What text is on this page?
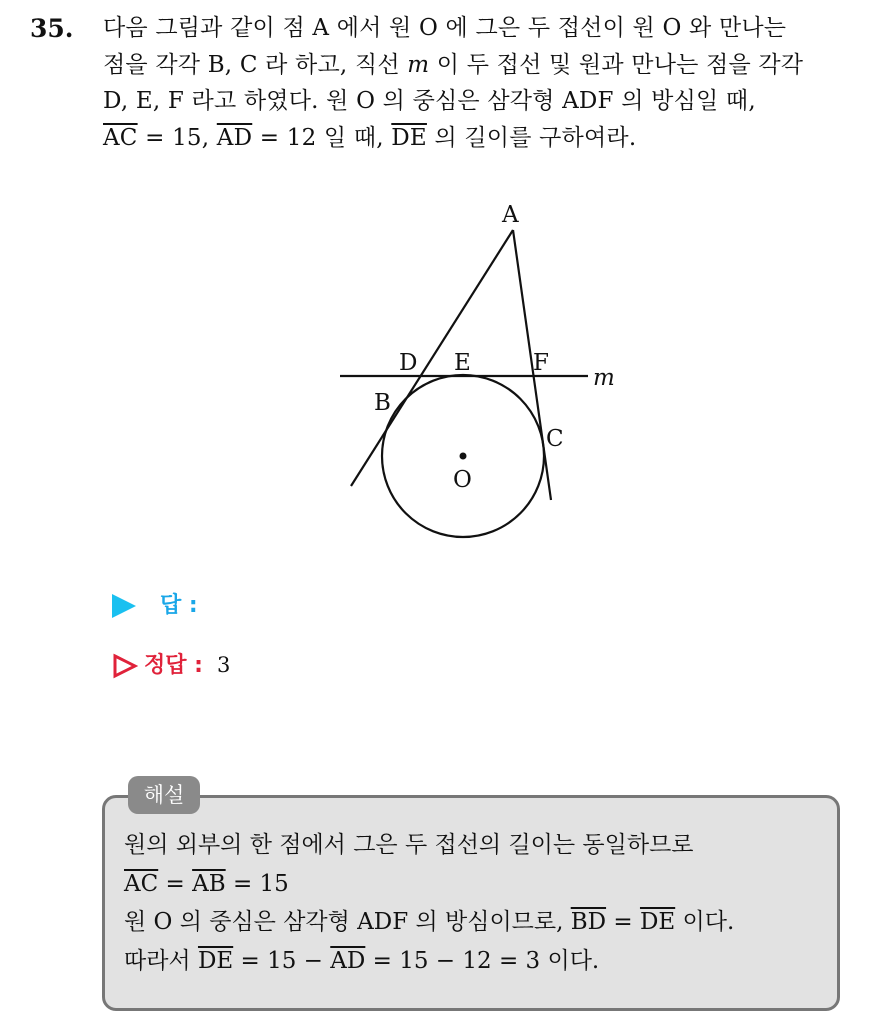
35. 다음 그림과 같이 점 A 에서 원 O 에 그은 두 접선이 원 O 와 만나는
점을 각각 B, C 라 하고, 직선 m 이 두 접선 및 원과 만나는 점을 각각
D, E, F 라고 하였다. 원 O 의 중심은 삼각형 ADF 의 방심일 때,
$\overline{AC} = 15$, $\overline{AD} = 12$ 일 때, $\overline{DE}$ 의 길이를 구하여라.
A
D E	F
m
B
C
O
답 :
정답 : 3
해설
원의 외부의 한 점에서 그은 두 접선의 길이는 동일하므로
$\overline{AC} = \overline{AB} = 15$
원 O 의 중심은 삼각형 ADF 의 방심이므로, $\overline{BD} = \overline{DE}$ 이다.
따라서 $\overline{DE} = 15 - \overline{AD} = 15 - 12 = 3$ 이다.
